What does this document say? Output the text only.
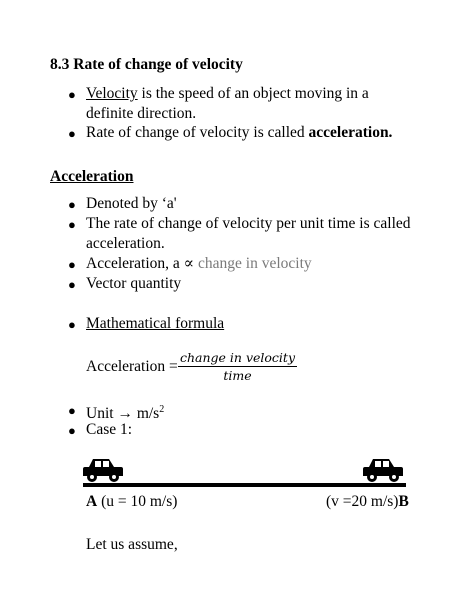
8.3 Rate of change of velocity
● Velocity is the speed of an object moving in a
definite direction.
● Rate of change of velocity is called acceleration.
Acceleration
● Denoted by ‘a'
● The rate of change of velocity per unit time is called
acceleration.
● Acceleration, a ∝ change in velocity
● Vector quantity
● Mathematical formula
Acceleration =
change in velocity
time
● Unit → $m/s^2$
● Case 1:
A (u = 10 m/s)	(v =20 m/s)B
Let us assume,
